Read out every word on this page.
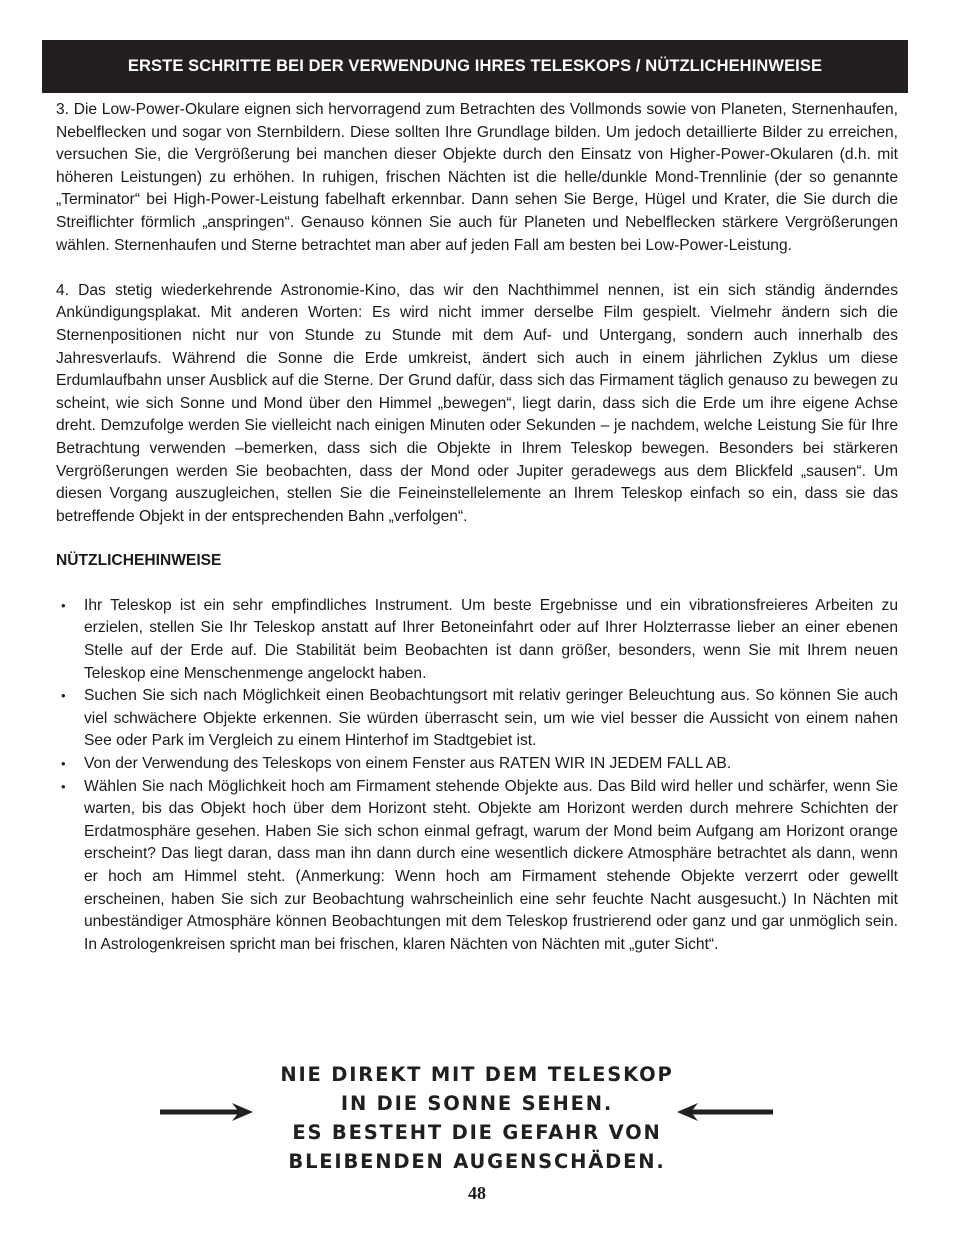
ERSTE SCHRITTE BEI DER VERWENDUNG IHRES TELESKOPS / NÜTZLICHEHINWEISE

3. Die Low-Power-Okulare eignen sich hervorragend zum Betrachten des Vollmonds sowie von Planeten, Sternenhaufen, Nebelflecken und sogar von Sternbildern. Diese sollten Ihre Grundlage bilden. Um jedoch detaillierte Bilder zu erreichen, versuchen Sie, die Vergrößerung bei manchen dieser Objekte durch den Einsatz von Higher-Power-Okularen (d.h. mit höheren Leistungen) zu erhöhen. In ruhigen, frischen Nächten ist die helle/dunkle Mond-Trennlinie (der so genannte „Terminator“ bei High-Power-Leistung fabelhaft erkennbar. Dann sehen Sie Berge, Hügel und Krater, die Sie durch die Streiflichter förmlich „anspringen“. Genauso können Sie auch für Planeten und Nebelflecken stärkere Vergrößerungen wählen. Sternenhaufen und Sterne betrachtet man aber auf jeden Fall am besten bei Low-Power-Leistung.

4. Das stetig wiederkehrende Astronomie-Kino, das wir den Nachthimmel nennen, ist ein sich ständig änderndes Ankündigungsplakat. Mit anderen Worten: Es wird nicht immer derselbe Film gespielt. Vielmehr ändern sich die Sternenpositionen nicht nur von Stunde zu Stunde mit dem Auf- und Untergang, sondern auch innerhalb des Jahresverlaufs. Während die Sonne die Erde umkreist, ändert sich auch in einem jährlichen Zyklus um diese Erdumlaufbahn unser Ausblick auf die Sterne. Der Grund dafür, dass sich das Firmament täglich genauso zu bewegen zu scheint, wie sich Sonne und Mond über den Himmel „bewegen“, liegt darin, dass sich die Erde um ihre eigene Achse dreht. Demzufolge werden Sie vielleicht nach einigen Minuten oder Sekunden – je nachdem, welche Leistung Sie für Ihre Betrachtung verwenden –bemerken, dass sich die Objekte in Ihrem Teleskop bewegen. Besonders bei stärkeren Vergrößerungen werden Sie beobachten, dass der Mond oder Jupiter geradewegs aus dem Blickfeld „sausen“. Um diesen Vorgang auszugleichen, stellen Sie die Feineinstellelemente an Ihrem Teleskop einfach so ein, dass sie das betreffende Objekt in der entsprechenden Bahn „verfolgen“.

NÜTZLICHEHINWEISE
• Ihr Teleskop ist ein sehr empfindliches Instrument. Um beste Ergebnisse und ein vibrationsfreieres Arbeiten zu erzielen, stellen Sie Ihr Teleskop anstatt auf Ihrer Betoneinfahrt oder auf Ihrer Holzterrasse lieber an einer ebenen Stelle auf der Erde auf. Die Stabilität beim Beobachten ist dann größer, besonders, wenn Sie mit Ihrem neuen Teleskop eine Menschenmenge angelockt haben.
• Suchen Sie sich nach Möglichkeit einen Beobachtungsort mit relativ geringer Beleuchtung aus. So können Sie auch viel schwächere Objekte erkennen. Sie würden überrascht sein, um wie viel besser die Aussicht von einem nahen See oder Park im Vergleich zu einem Hinterhof im Stadtgebiet ist.
• Von der Verwendung des Teleskops von einem Fenster aus RATEN WIR IN JEDEM FALL AB.
• Wählen Sie nach Möglichkeit hoch am Firmament stehende Objekte aus. Das Bild wird heller und schärfer, wenn Sie warten, bis das Objekt hoch über dem Horizont steht. Objekte am Horizont werden durch mehrere Schichten der Erdatmosphäre gesehen. Haben Sie sich schon einmal gefragt, warum der Mond beim Aufgang am Horizont orange erscheint? Das liegt daran, dass man ihn dann durch eine wesentlich dickere Atmosphäre betrachtet als dann, wenn er hoch am Himmel steht. (Anmerkung: Wenn hoch am Firmament stehende Objekte verzerrt oder gewellt erscheinen, haben Sie sich zur Beobachtung wahrscheinlich eine sehr feuchte Nacht ausgesucht.) In Nächten mit unbeständiger Atmosphäre können Beobachtungen mit dem Teleskop frustrierend oder ganz und gar unmöglich sein. In Astrologenkreisen spricht man bei frischen, klaren Nächten von Nächten mit „guter Sicht“.
NIE DIREKT MIT DEM TELESKOP
IN DIE SONNE SEHEN.
ES BESTEHT DIE GEFAHR VON
BLEIBENDEN AUGENSCHÄDEN.
48
